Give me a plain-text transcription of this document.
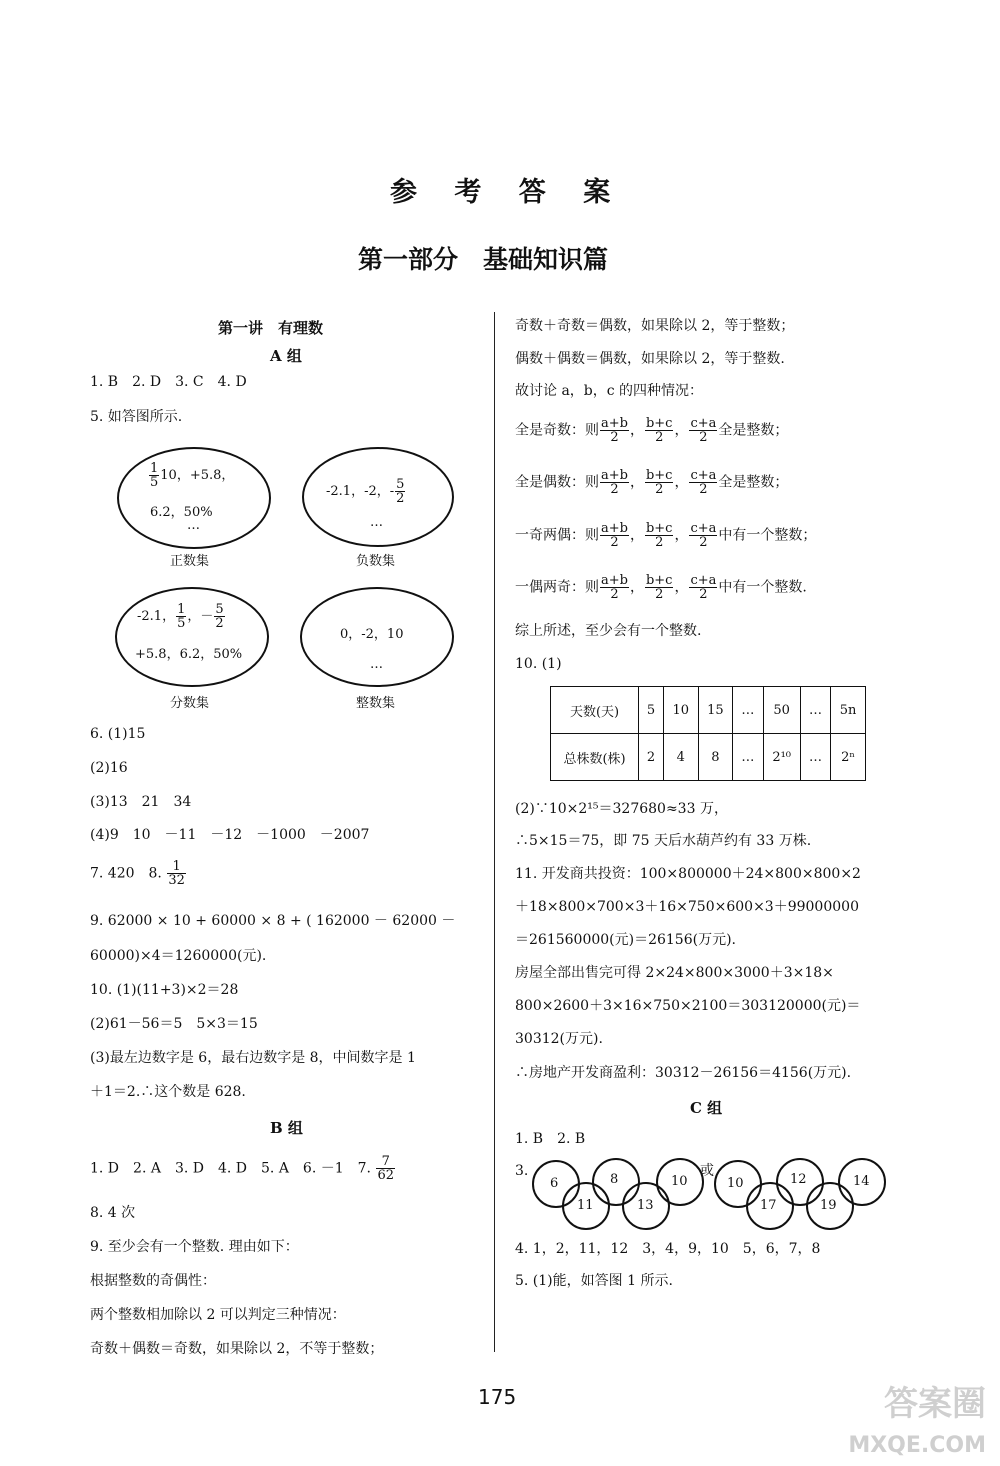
参 考 答 案
第一部分　基础知识篇
第一讲　有理数
A 组
1. B　2. D　3. C　4. D
5. 如答图所示.
$\frac{1}{5} 10$，+5.8，
6.2，50%
…
正数集
-2.1，-2，- $\frac{5}{2}$
…
负数集
-2.1， $\frac{1}{5}$ ，－ $\frac{5}{2}$
+5.8，6.2，50%
分数集
0，-2，10
…
整数集
6. (1)15
(2)16
(3)13　21　34
(4)9　10　－11　－12　－1000　－2007
7. 420　8. $\frac{1}{32}$
9. 62000 × 10 + 60000 × 8 + ( 162000 － 62000 －
60000)×4＝1260000(元).
10. (1)(11+3)×2＝28
(2)61－56＝5　5×3＝15
(3)最左边数字是 6，最右边数字是 8，中间数字是 1
＋1＝2.∴这个数是 628.
B 组
1. D　2. A　3. D　4. D　5. A　6. －1　7. $\frac{7}{62}$
8. 4 次
9. 至少会有一个整数. 理由如下：
根据整数的奇偶性：
两个整数相加除以 2 可以判定三种情况：
奇数＋偶数＝奇数，如果除以 2，不等于整数；
奇数＋奇数＝偶数，如果除以 2，等于整数；
偶数＋偶数＝偶数，如果除以 2，等于整数.
故讨论 a，b，c 的四种情况：
全是奇数：则 $\frac{a+b}{2}$ ， $\frac{b+c}{2}$ ， $\frac{c+a}{2}$ 全是整数；
全是偶数：则 $\frac{a+b}{2}$ ， $\frac{b+c}{2}$ ， $\frac{c+a}{2}$ 全是整数；
一奇两偶：则 $\frac{a+b}{2}$ ， $\frac{b+c}{2}$ ， $\frac{c+a}{2}$ 中有一个整数；
一偶两奇：则 $\frac{a+b}{2}$ ， $\frac{b+c}{2}$ ， $\frac{c+a}{2}$ 中有一个整数.
综上所述，至少会有一个整数.
10. (1)
天数(天)	5	10	15	…	50	…	5n
总株数(株)	2	4	8	…	2¹⁰	…	2ⁿ
(2)∵10×2¹⁵＝327680≈33 万，
∴5×15＝75，即 75 天后水葫芦约有 33 万株.
11. 开发商共投资：100×800000＋24×800×800×2
＋18×800×700×3＋16×750×600×3＋99000000
＝261560000(元)＝26156(万元).
房屋全部出售完可得 2×24×800×3000＋3×18×
800×2600＋3×16×750×2100＝303120000(元)＝
30312(万元).
∴房地产开发商盈利：30312－26156＝4156(万元).
C 组
1. B　2. B
3.
6
11
8
13
10
或
10
17
12
19
14
4. 1，2，11，12　3，4，9，10　5，6，7，8
5. (1)能，如答图 1 所示.
175	答案圈
MXQE.COM
